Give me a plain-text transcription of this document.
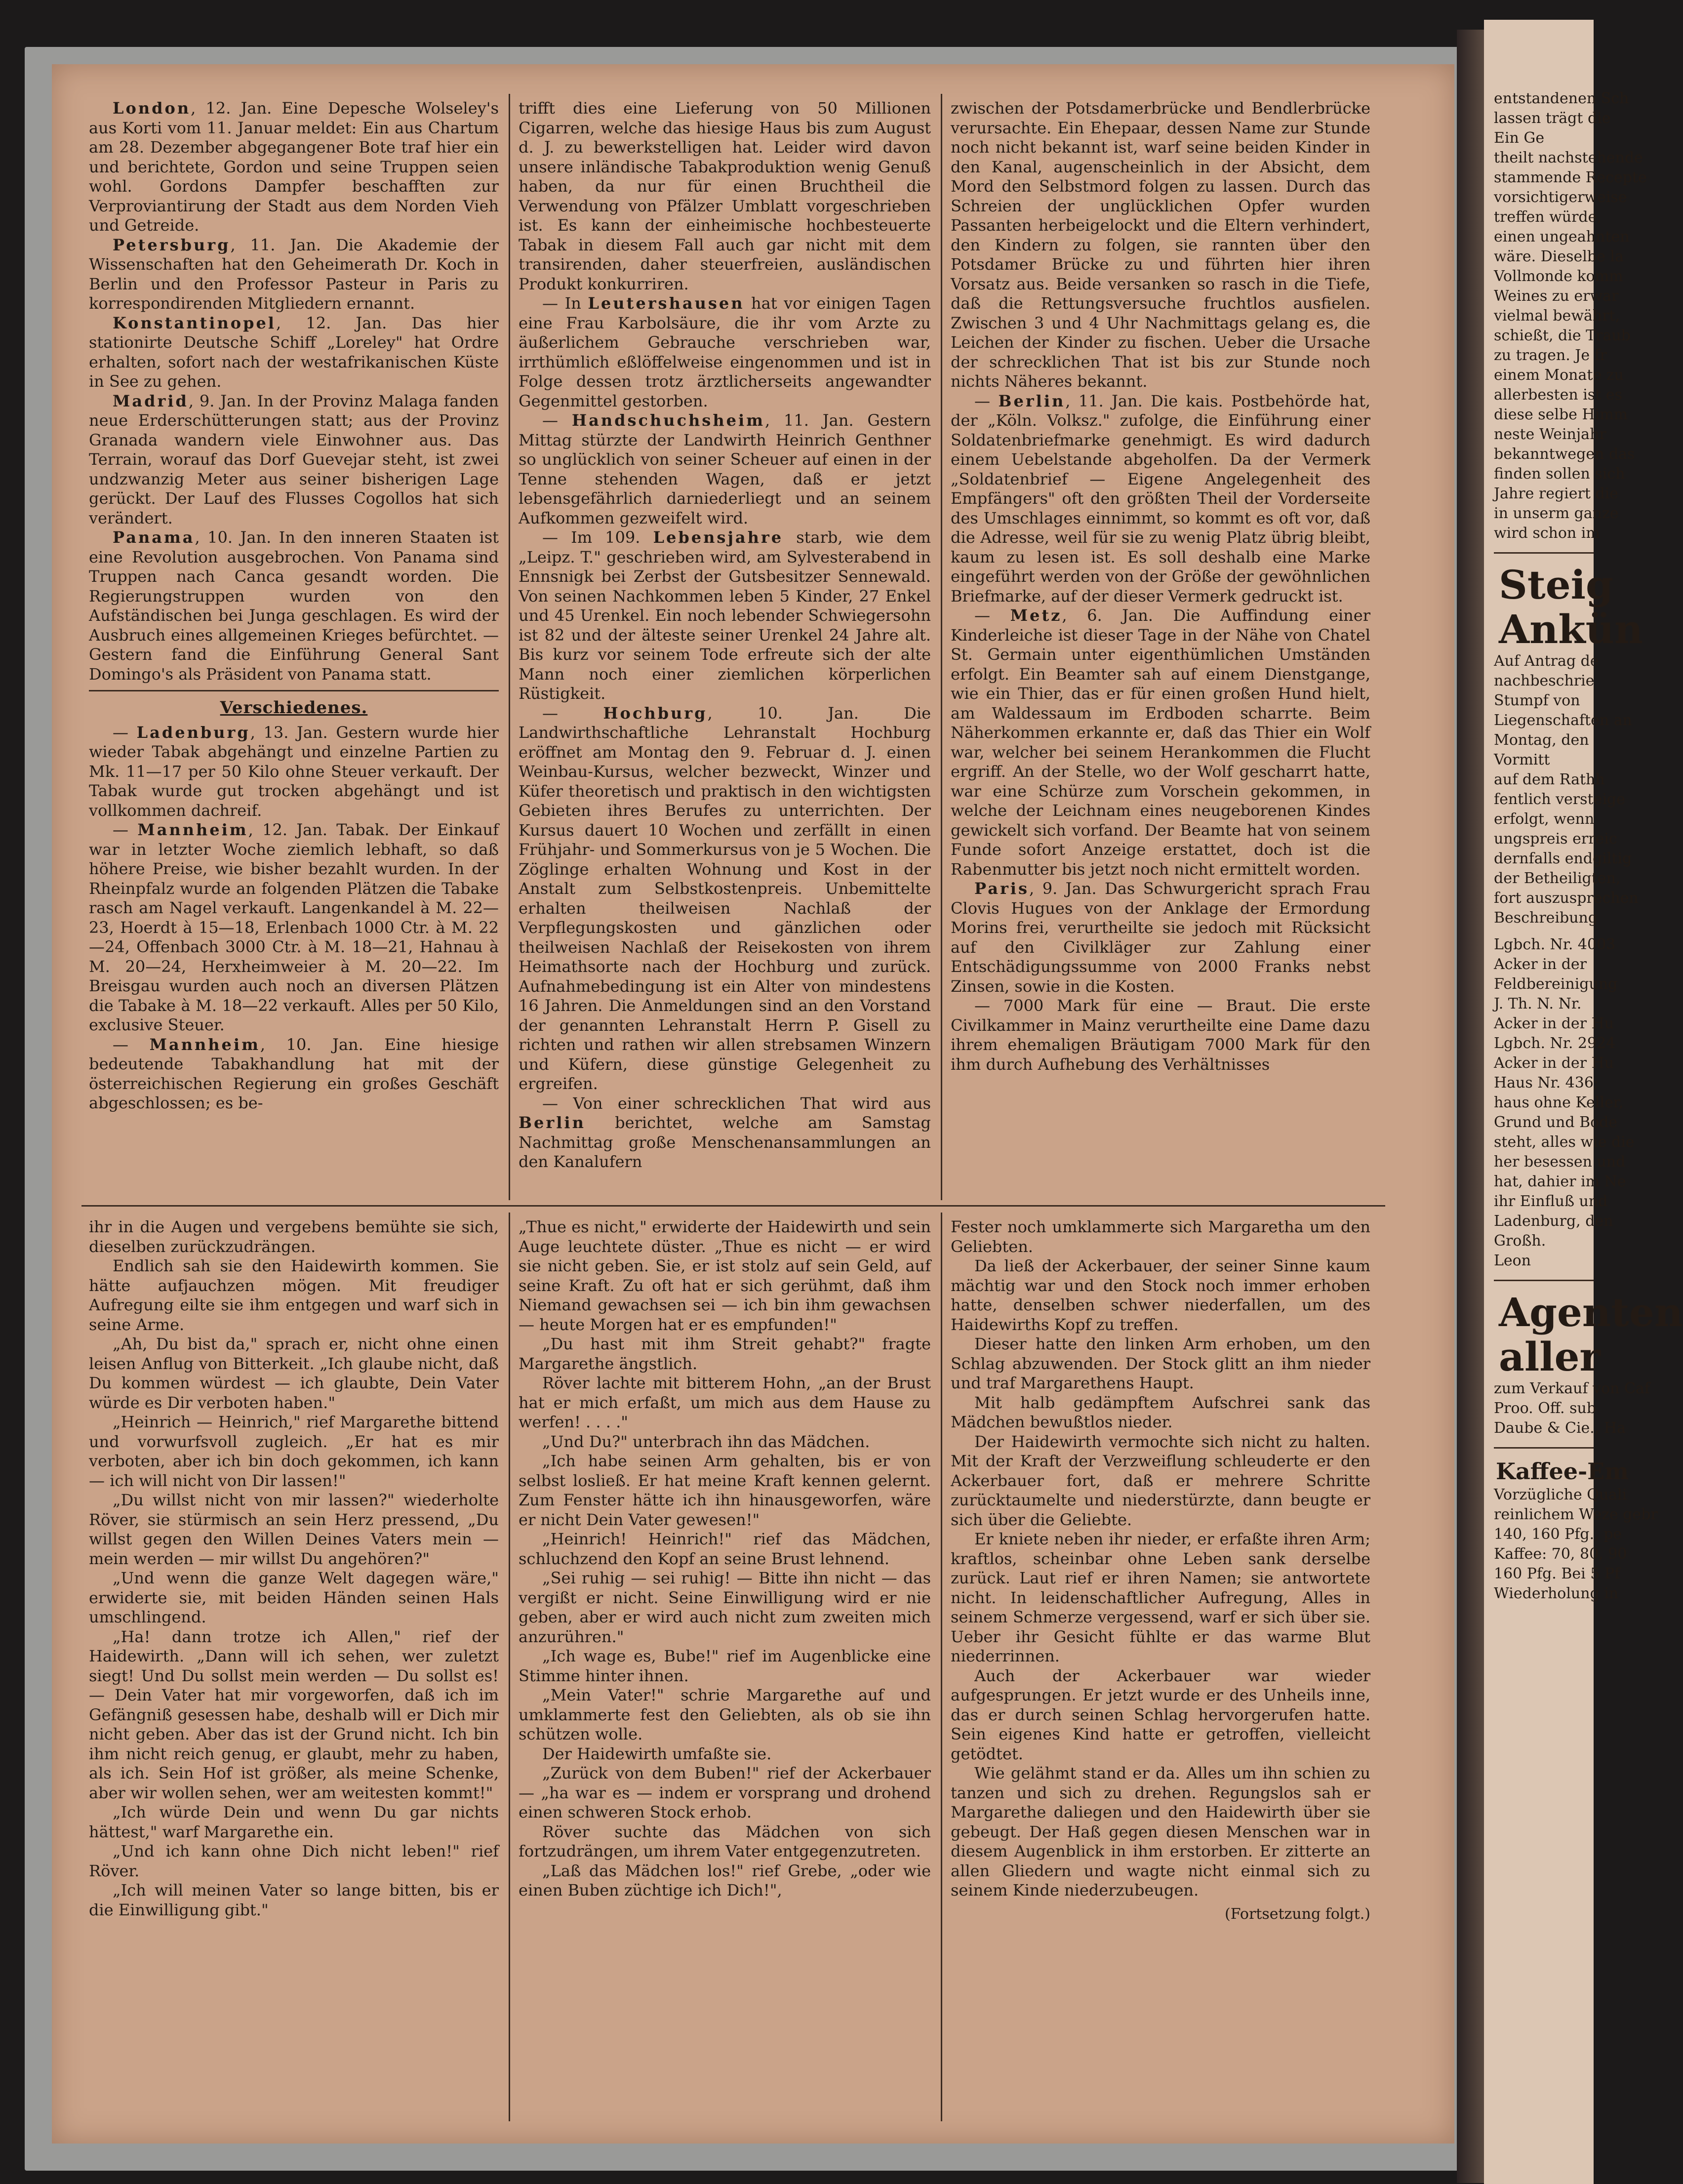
London, 12. Jan. Eine Depesche Wolseley's aus Korti vom 11. Januar meldet: Ein aus Chartum am 28. Dezember abgegangener Bote traf hier ein und berichtete, Gordon und seine Truppen seien wohl. Gordons Dampfer beschafften zur Verproviantirung der Stadt aus dem Norden Vieh und Getreide.

Petersburg, 11. Jan. Die Akademie der Wissenschaften hat den Geheimerath Dr. Koch in Berlin und den Professor Pasteur in Paris zu korrespondirenden Mitgliedern ernannt.

Konstantinopel, 12. Jan. Das hier stationirte Deutsche Schiff „Loreley" hat Ordre erhalten, sofort nach der westafrikanischen Küste in See zu gehen.

Madrid, 9. Jan. In der Provinz Malaga fanden neue Erderschütterungen statt; aus der Provinz Granada wandern viele Einwohner aus. Das Terrain, worauf das Dorf Guevejar steht, ist zwei undzwanzig Meter aus seiner bisherigen Lage gerückt. Der Lauf des Flusses Cogollos hat sich verändert.

Panama, 10. Jan. In den inneren Staaten ist eine Revolution ausgebrochen. Von Panama sind Truppen nach Canca gesandt worden. Die Regierungstruppen wurden von den Aufständischen bei Junga geschlagen. Es wird der Ausbruch eines allgemeinen Krieges befürchtet. — Gestern fand die Einführung General Sant Domingo's als Präsident von Panama statt.

Verschiedenes.

— Ladenburg, 13. Jan. Gestern wurde hier wieder Tabak abgehängt und einzelne Partien zu Mk. 11—17 per 50 Kilo ohne Steuer verkauft. Der Tabak wurde gut trocken abgehängt und ist vollkommen dachreif.

— Mannheim, 12. Jan. Tabak. Der Einkauf war in letzter Woche ziemlich lebhaft, so daß höhere Preise, wie bisher bezahlt wurden. In der Rheinpfalz wurde an folgenden Plätzen die Tabake rasch am Nagel verkauft. Langenkandel à M. 22—23, Hoerdt à 15—18, Erlenbach 1000 Ctr. à M. 22—24, Offenbach 3000 Ctr. à M. 18—21, Hahnau à M. 20—24, Herxheimweier à M. 20—22. Im Breisgau wurden auch noch an diversen Plätzen die Tabake à M. 18—22 verkauft. Alles per 50 Kilo, exclusive Steuer.

— Mannheim, 10. Jan. Eine hiesige bedeutende Tabakhandlung hat mit der österreichischen Regierung ein großes Geschäft abgeschlossen; es be-

trifft dies eine Lieferung von 50 Millionen Cigarren, welche das hiesige Haus bis zum August d. J. zu bewerkstelligen hat. Leider wird davon unsere inländische Tabakproduktion wenig Genuß haben, da nur für einen Bruchtheil die Verwendung von Pfälzer Umblatt vorgeschrieben ist. Es kann der einheimische hochbesteuerte Tabak in diesem Fall auch gar nicht mit dem transirenden, daher steuerfreien, ausländischen Produkt konkurriren.

— In Leutershausen hat vor einigen Tagen eine Frau Karbolsäure, die ihr vom Arzte zu äußerlichem Gebrauche verschrieben war, irrthümlich eßlöffelweise eingenommen und ist in Folge dessen trotz ärztlicherseits angewandter Gegenmittel gestorben.

— Handschuchsheim, 11. Jan. Gestern Mittag stürzte der Landwirth Heinrich Genthner so unglücklich von seiner Scheuer auf einen in der Tenne stehenden Wagen, daß er jetzt lebensgefährlich darniederliegt und an seinem Aufkommen gezweifelt wird.

— Im 109. Lebensjahre starb, wie dem „Leipz. T." geschrieben wird, am Sylvesterabend in Ennsnigk bei Zerbst der Gutsbesitzer Sennewald. Von seinen Nachkommen leben 5 Kinder, 27 Enkel und 45 Urenkel. Ein noch lebender Schwiegersohn ist 82 und der älteste seiner Urenkel 24 Jahre alt. Bis kurz vor seinem Tode erfreute sich der alte Mann noch einer ziemlichen körperlichen Rüstigkeit.

— Hochburg, 10. Jan. Die Landwirthschaftliche Lehranstalt Hochburg eröffnet am Montag den 9. Februar d. J. einen Weinbau-Kursus, welcher bezweckt, Winzer und Küfer theoretisch und praktisch in den wichtigsten Gebieten ihres Berufes zu unterrichten. Der Kursus dauert 10 Wochen und zerfällt in einen Frühjahr- und Sommerkursus von je 5 Wochen. Die Zöglinge erhalten Wohnung und Kost in der Anstalt zum Selbstkostenpreis. Unbemittelte erhalten theilweisen Nachlaß der Verpflegungskosten und gänzlichen oder theilweisen Nachlaß der Reisekosten von ihrem Heimathsorte nach der Hochburg und zurück. Aufnahmebedingung ist ein Alter von mindestens 16 Jahren. Die Anmeldungen sind an den Vorstand der genannten Lehranstalt Herrn P. Gisell zu richten und rathen wir allen strebsamen Winzern und Küfern, diese günstige Gelegenheit zu ergreifen.

— Von einer schrecklichen That wird aus Berlin berichtet, welche am Samstag Nachmittag große Menschenansammlungen an den Kanalufern

zwischen der Potsdamerbrücke und Bendlerbrücke verursachte. Ein Ehepaar, dessen Name zur Stunde noch nicht bekannt ist, warf seine beiden Kinder in den Kanal, augenscheinlich in der Absicht, dem Mord den Selbstmord folgen zu lassen. Durch das Schreien der unglücklichen Opfer wurden Passanten herbeigelockt und die Eltern verhindert, den Kindern zu folgen, sie rannten über den Potsdamer Brücke zu und führten hier ihren Vorsatz aus. Beide versanken so rasch in die Tiefe, daß die Rettungsversuche fruchtlos ausfielen. Zwischen 3 und 4 Uhr Nachmittags gelang es, die Leichen der Kinder zu fischen. Ueber die Ursache der schrecklichen That ist bis zur Stunde noch nichts Näheres bekannt.

— Berlin, 11. Jan. Die kais. Postbehörde hat, der „Köln. Volksz." zufolge, die Einführung einer Soldatenbriefmarke genehmigt. Es wird dadurch einem Uebelstande abgeholfen. Da der Vermerk „Soldatenbrief — Eigene Angelegenheit des Empfängers" oft den größten Theil der Vorderseite des Umschlages einnimmt, so kommt es oft vor, daß die Adresse, weil für sie zu wenig Platz übrig bleibt, kaum zu lesen ist. Es soll deshalb eine Marke eingeführt werden von der Größe der gewöhnlichen Briefmarke, auf der dieser Vermerk gedruckt ist.

— Metz, 6. Jan. Die Auffindung einer Kinderleiche ist dieser Tage in der Nähe von Chatel St. Germain unter eigenthümlichen Umständen erfolgt. Ein Beamter sah auf einem Dienstgange, wie ein Thier, das er für einen großen Hund hielt, am Waldessaum im Erdboden scharrte. Beim Näherkommen erkannte er, daß das Thier ein Wolf war, welcher bei seinem Herankommen die Flucht ergriff. An der Stelle, wo der Wolf gescharrt hatte, war eine Schürze zum Vorschein gekommen, in welche der Leichnam eines neugeborenen Kindes gewickelt sich vorfand. Der Beamte hat von seinem Funde sofort Anzeige erstattet, doch ist die Rabenmutter bis jetzt noch nicht ermittelt worden.

Paris, 9. Jan. Das Schwurgericht sprach Frau Clovis Hugues von der Anklage der Ermordung Morins frei, verurtheilte sie jedoch mit Rücksicht auf den Civilkläger zur Zahlung einer Entschädigungssumme von 2000 Franks nebst Zinsen, sowie in die Kosten.

— 7000 Mark für eine — Braut. Die erste Civilkammer in Mainz verurtheilte eine Dame dazu ihrem ehemaligen Bräutigam 7000 Mark für den ihm durch Aufhebung des Verhältnisses

ihr in die Augen und vergebens bemühte sie sich, dieselben zurückzudrängen.

Endlich sah sie den Haidewirth kommen. Sie hätte aufjauchzen mögen. Mit freudiger Aufregung eilte sie ihm entgegen und warf sich in seine Arme.

„Ah, Du bist da," sprach er, nicht ohne einen leisen Anflug von Bitterkeit. „Ich glaube nicht, daß Du kommen würdest — ich glaubte, Dein Vater würde es Dir verboten haben."

„Heinrich — Heinrich," rief Margarethe bittend und vorwurfsvoll zugleich. „Er hat es mir verboten, aber ich bin doch gekommen, ich kann — ich will nicht von Dir lassen!"

„Du willst nicht von mir lassen?" wiederholte Röver, sie stürmisch an sein Herz pressend, „Du willst gegen den Willen Deines Vaters mein — mein werden — mir willst Du angehören?"

„Und wenn die ganze Welt dagegen wäre," erwiderte sie, mit beiden Händen seinen Hals umschlingend.

„Ha! dann trotze ich Allen," rief der Haidewirth. „Dann will ich sehen, wer zuletzt siegt! Und Du sollst mein werden — Du sollst es! — Dein Vater hat mir vorgeworfen, daß ich im Gefängniß gesessen habe, deshalb will er Dich mir nicht geben. Aber das ist der Grund nicht. Ich bin ihm nicht reich genug, er glaubt, mehr zu haben, als ich. Sein Hof ist größer, als meine Schenke, aber wir wollen sehen, wer am weitesten kommt!"

„Ich würde Dein und wenn Du gar nichts hättest," warf Margarethe ein.

„Und ich kann ohne Dich nicht leben!" rief Röver.

„Ich will meinen Vater so lange bitten, bis er die Einwilligung gibt."

„Thue es nicht," erwiderte der Haidewirth und sein Auge leuchtete düster. „Thue es nicht — er wird sie nicht geben. Sie, er ist stolz auf sein Geld, auf seine Kraft. Zu oft hat er sich gerühmt, daß ihm Niemand gewachsen sei — ich bin ihm gewachsen — heute Morgen hat er es empfunden!"

„Du hast mit ihm Streit gehabt?" fragte Margarethe ängstlich.

Röver lachte mit bitterem Hohn, „an der Brust hat er mich erfaßt, um mich aus dem Hause zu werfen! . . . ."

„Und Du?" unterbrach ihn das Mädchen.

„Ich habe seinen Arm gehalten, bis er von selbst losließ. Er hat meine Kraft kennen gelernt. Zum Fenster hätte ich ihn hinausgeworfen, wäre er nicht Dein Vater gewesen!"

„Heinrich! Heinrich!" rief das Mädchen, schluchzend den Kopf an seine Brust lehnend.

„Sei ruhig — sei ruhig! — Bitte ihn nicht — das vergißt er nicht. Seine Einwilligung wird er nie geben, aber er wird auch nicht zum zweiten mich anzurühren."

„Ich wage es, Bube!" rief im Augenblicke eine Stimme hinter ihnen.

„Mein Vater!" schrie Margarethe auf und umklammerte fest den Geliebten, als ob sie ihn schützen wolle.

Der Haidewirth umfaßte sie.

„Zurück von dem Buben!" rief der Ackerbauer — „ha war es — indem er vorsprang und drohend einen schweren Stock erhob.

Röver suchte das Mädchen von sich fortzudrängen, um ihrem Vater entgegenzutreten.

„Laß das Mädchen los!" rief Grebe, „oder wie einen Buben züchtige ich Dich!",

Fester noch umklammerte sich Margaretha um den Geliebten.

Da ließ der Ackerbauer, der seiner Sinne kaum mächtig war und den Stock noch immer erhoben hatte, denselben schwer niederfallen, um des Haidewirths Kopf zu treffen.

Dieser hatte den linken Arm erhoben, um den Schlag abzuwenden. Der Stock glitt an ihm nieder und traf Margarethens Haupt.

Mit halb gedämpftem Aufschrei sank das Mädchen bewußtlos nieder.

Der Haidewirth vermochte sich nicht zu halten. Mit der Kraft der Verzweiflung schleuderte er den Ackerbauer fort, daß er mehrere Schritte zurücktaumelte und niederstürzte, dann beugte er sich über die Geliebte.

Er kniete neben ihr nieder, er erfaßte ihren Arm; kraftlos, scheinbar ohne Leben sank derselbe zurück. Laut rief er ihren Namen; sie antwortete nicht. In leidenschaftlicher Aufregung, Alles in seinem Schmerze vergessend, warf er sich über sie. Ueber ihr Gesicht fühlte er das warme Blut niederrinnen.

Auch der Ackerbauer war wieder aufgesprungen. Er jetzt wurde er des Unheils inne, das er durch seinen Schlag hervorgerufen hatte. Sein eigenes Kind hatte er getroffen, vielleicht getödtet.

Wie gelähmt stand er da. Alles um ihn schien zu tanzen und sich zu drehen. Regungslos sah er Margarethe daliegen und den Haidewirth über sie gebeugt. Der Haß gegen diesen Menschen war in diesem Augenblick in ihm erstorben. Er zitterte an allen Gliedern und wagte nicht einmal sich zu seinem Kinde niederzubeugen.

(Fortsetzung folgt.)
entstandenen Sch
lassen trägt die
Ein Ge
theilt nachstehende
stammende Recepte
vorsichtigerweise
treffen würde,
einen ungeahnten
wäre. Dieselbe la
Vollmonde komm
Weines zu erwar
vielmal bewährt,
schießt, die Traub
zu tragen. Je fr
einem Monate zu
allerbesten ist es
diese selbe Himm
neste Weinjahr
bekanntwegen das
finden sollen sich
Jahre regiert die
in unserm ganze
wird schon im
Steig
Ankün
Auf Antrag de
nachbeschrie
Stumpf von
Liegenschaften an
Montag, den
Vormitt
auf dem Rathh
fentlich versteige
erfolgt, wenn
ungspreis erreic
dernfalls endgiltig
der Betheiligten,
fort auszusprechen
Beschreibung
Lgbch. Nr. 4003
Acker in der
Feldbereinigung
J. Th. N. Nr.
Acker in der Hu
Lgbch. Nr. 2924
Acker in der Hu
Haus Nr. 436;
haus ohne Keller,
Grund und Bode
steht, alles wie die
her besessen und
hat, dahier im Ne
ihr Einfluß und
Ladenburg, den
Großh.
Leon
Agenten
aller
zum Verkauf von Caf
Proo. Off. sub
Daube & Cie., Ha
Kaffee-Em
Vorzügliche Quali
reinlichem Weze gebr
140, 160 Pfg., pe
Kaffee: 70, 80, 90
160 Pfg. Bei 5 Pf
Wiederholung in
